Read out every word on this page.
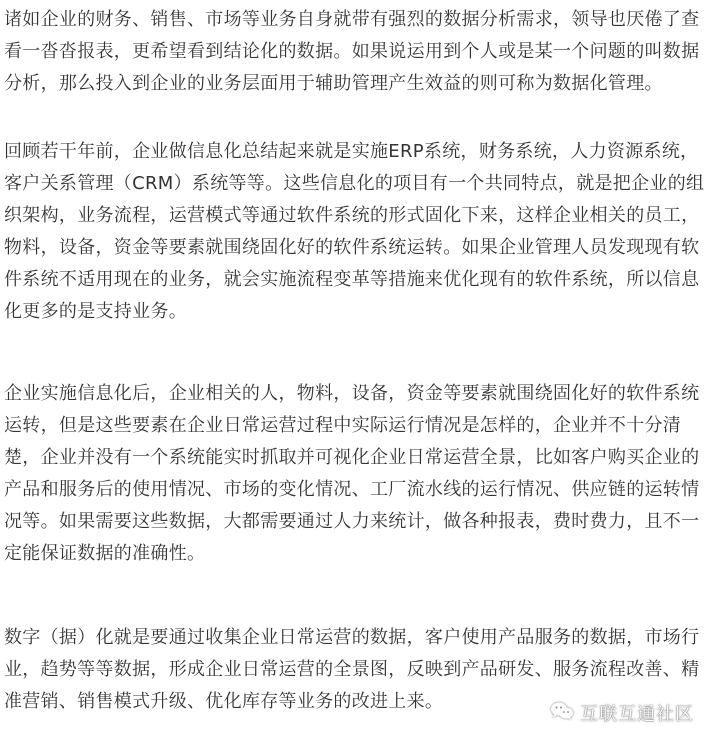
诸如企业的财务、销售、市场等业务自身就带有强烈的数据分析需求，领导也厌倦了查
看一沓沓报表，更希望看到结论化的数据。如果说运用到个人或是某一个问题的叫数据
分析，那么投入到企业的业务层面用于辅助管理产生效益的则可称为数据化管理。

回顾若干年前，企业做信息化总结起来就是实施ERP系统，财务系统，人力资源系统，
客户关系管理（CRM）系统等等。这些信息化的项目有一个共同特点，就是把企业的组
织架构，业务流程，运营模式等通过软件系统的形式固化下来，这样企业相关的员工，
物料，设备，资金等要素就围绕固化好的软件系统运转。如果企业管理人员发现现有软
件系统不适用现在的业务，就会实施流程变革等措施来优化现有的软件系统，所以信息
化更多的是支持业务。

企业实施信息化后，企业相关的人，物料，设备，资金等要素就围绕固化好的软件系统
运转，但是这些要素在企业日常运营过程中实际运行情况是怎样的，企业并不十分清
楚，企业并没有一个系统能实时抓取并可视化企业日常运营全景，比如客户购买企业的
产品和服务后的使用情况、市场的变化情况、工厂流水线的运行情况、供应链的运转情
况等。如果需要这些数据，大都需要通过人力来统计，做各种报表，费时费力，且不一
定能保证数据的准确性。

数字（据）化就是要通过收集企业日常运营的数据，客户使用产品服务的数据，市场行
业，趋势等等数据，形成企业日常运营的全景图，反映到产品研发、服务流程改善、精
准营销、销售模式升级、优化库存等业务的改进上来。

互联互通社区
